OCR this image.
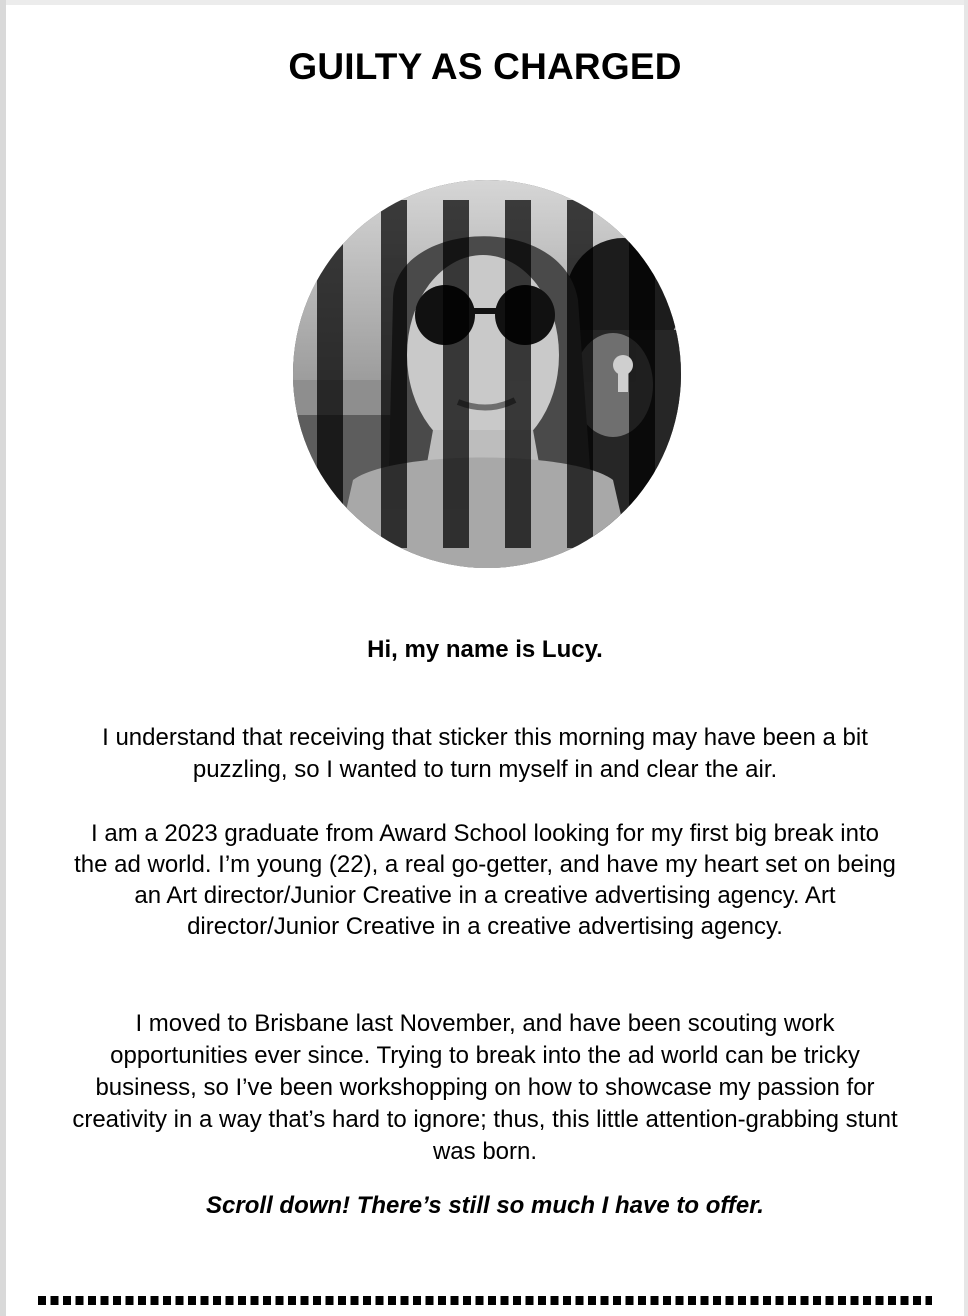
GUILTY AS CHARGED
Hi, my name is Lucy.
I understand that receiving that sticker this morning may have been a bit puzzling, so I wanted to turn myself in and clear the air.
I am a 2023 graduate from Award School looking for my first big break into the ad world. I’m young (22), a real go-getter, and have my heart set on being an Art director/Junior Creative in a creative advertising agency. Art director/Junior Creative in a creative advertising agency.
I moved to Brisbane last November, and have been scouting work opportunities ever since. Trying to break into the ad world can be tricky business, so I’ve been workshopping on how to showcase my passion for creativity in a way that’s hard to ignore; thus, this little attention-grabbing stunt was born.
Scroll down! There’s still so much I have to offer.
